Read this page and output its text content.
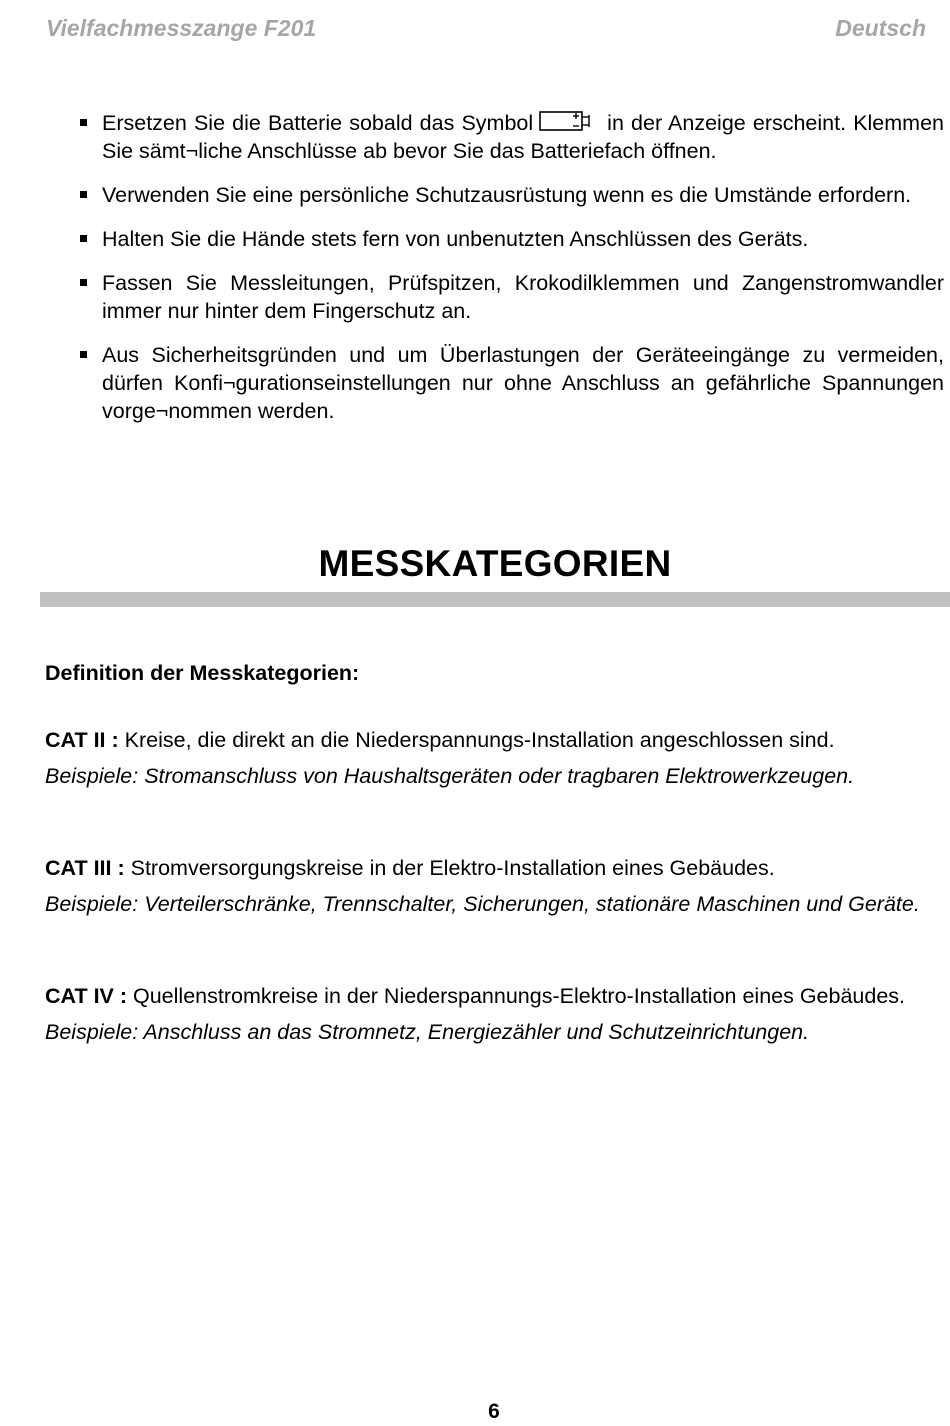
Vielfachmesszange F201	Deutsch
Ersetzen Sie die Batterie sobald das Symbol	in der Anzeige erscheint. Klemmen Sie sämt¬liche Anschlüsse ab bevor Sie das Batteriefach öffnen.
Verwenden Sie eine persönliche Schutzausrüstung wenn es die Umstände erfordern.
Halten Sie die Hände stets fern von unbenutzten Anschlüssen des Geräts.
Fassen Sie Messleitungen, Prüfspitzen, Krokodilklemmen und Zangenstromwandler immer nur hinter dem Fingerschutz an.
Aus Sicherheitsgründen und um Überlastungen der Geräteeingänge zu vermeiden, dürfen Konfi¬gurationseinstellungen nur ohne Anschluss an gefährliche Spannungen vorge¬nommen werden.
MESSKATEGORIEN
Definition der Messkategorien:

CAT II : Kreise, die direkt an die Niederspannungs-Installation angeschlossen sind.

Beispiele: Stromanschluss von Haushaltsgeräten oder tragbaren Elektrowerkzeugen.

CAT III : Stromversorgungskreise in der Elektro-Installation eines Gebäudes.

Beispiele: Verteilerschränke, Trennschalter, Sicherungen, stationäre Maschinen und Geräte.

CAT IV : Quellenstromkreise in der Niederspannungs-Elektro-Installation eines Gebäudes.

Beispiele: Anschluss an das Stromnetz, Energiezähler und Schutzeinrichtungen.

6
